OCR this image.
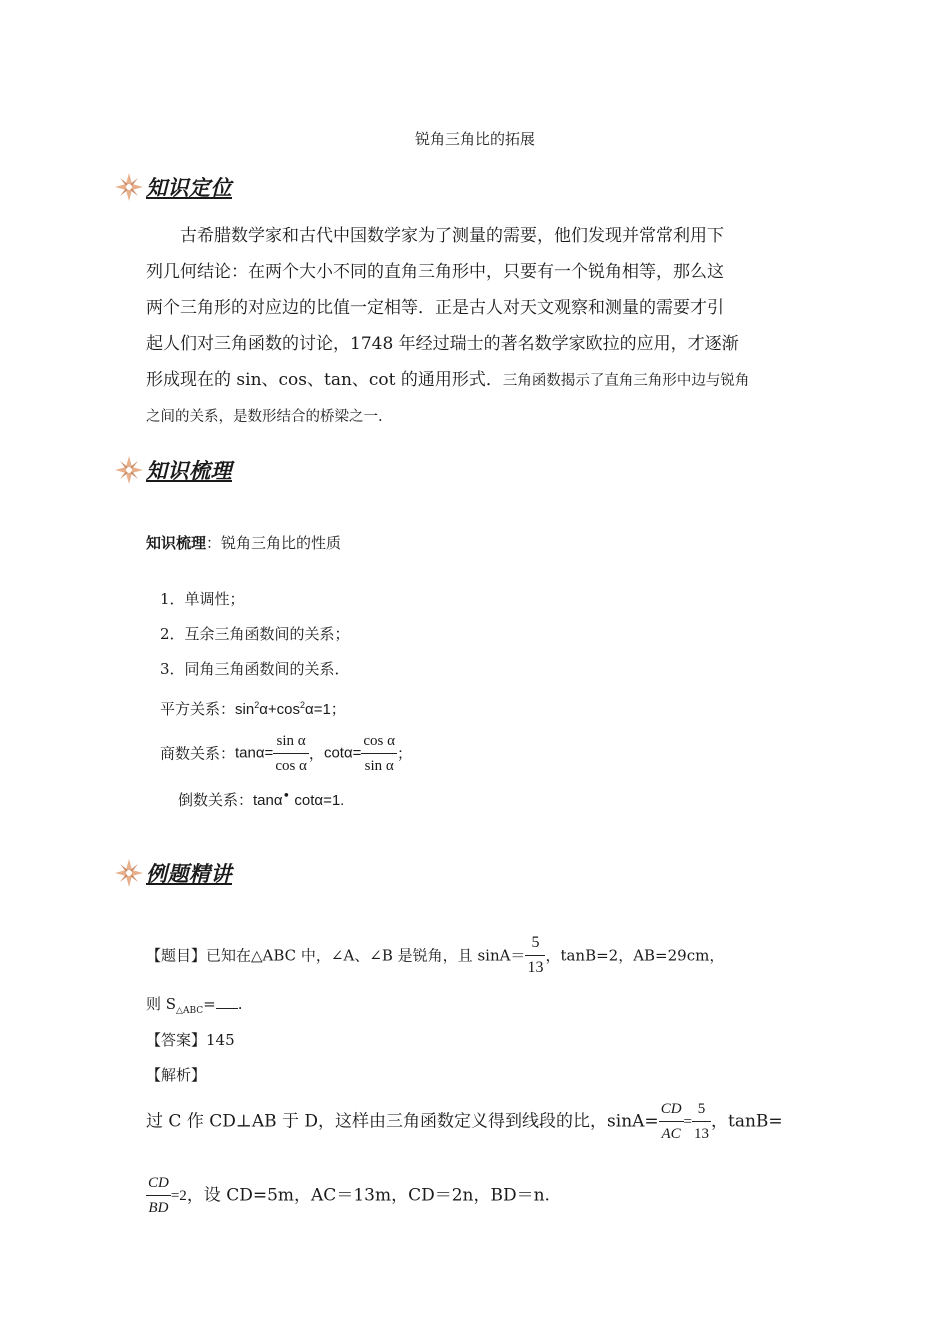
锐角三角比的拓展
知识定位
古希腊数学家和古代中国数学家为了测量的需要，他们发现并常常利用下
列几何结论：在两个大小不同的直角三角形中，只要有一个锐角相等，那么这
两个三角形的对应边的比值一定相等．正是古人对天文观察和测量的需要才引
起人们对三角函数的讨论，1748 年经过瑞士的著名数学家欧拉的应用，才逐渐
形成现在的 sin、cos、tan、cot 的通用形式．三角函数揭示了直角三角形中边与锐角
之间的关系，是数形结合的桥梁之一.
知识梳理
知识梳理：锐角三角比的性质
1．单调性；
2．互余三角函数间的关系；
3．同角三角函数间的关系．
平方关系：$\sin^2\alpha+\cos^2\alpha=1$；
商数关系：$\tan\alpha= \frac{\text{sin α}}{\text{cos α}}$ ，$\cot\alpha= \frac{\text{cos α}}{\text{sin α}}$ ；
倒数关系：tanα• cotα=1.
例题精讲
【题目】已知在△ABC 中，∠A、∠B 是锐角，且 $\sin A= \frac{5}{13}$ ，tanB=2，AB=29cm，
则 $S_{\triangle ABC}=$ .
【答案】145
【解析】
过 C 作 CD⊥AB 于 D，这样由三角函数定义得到线段的比，$\sin A= \frac{CD}{AC} = \frac{5}{13}$ ，tanB=
$\frac{CD}{BD} =2$，设 CD=5m，AC＝13m，CD＝2n，BD＝n.
